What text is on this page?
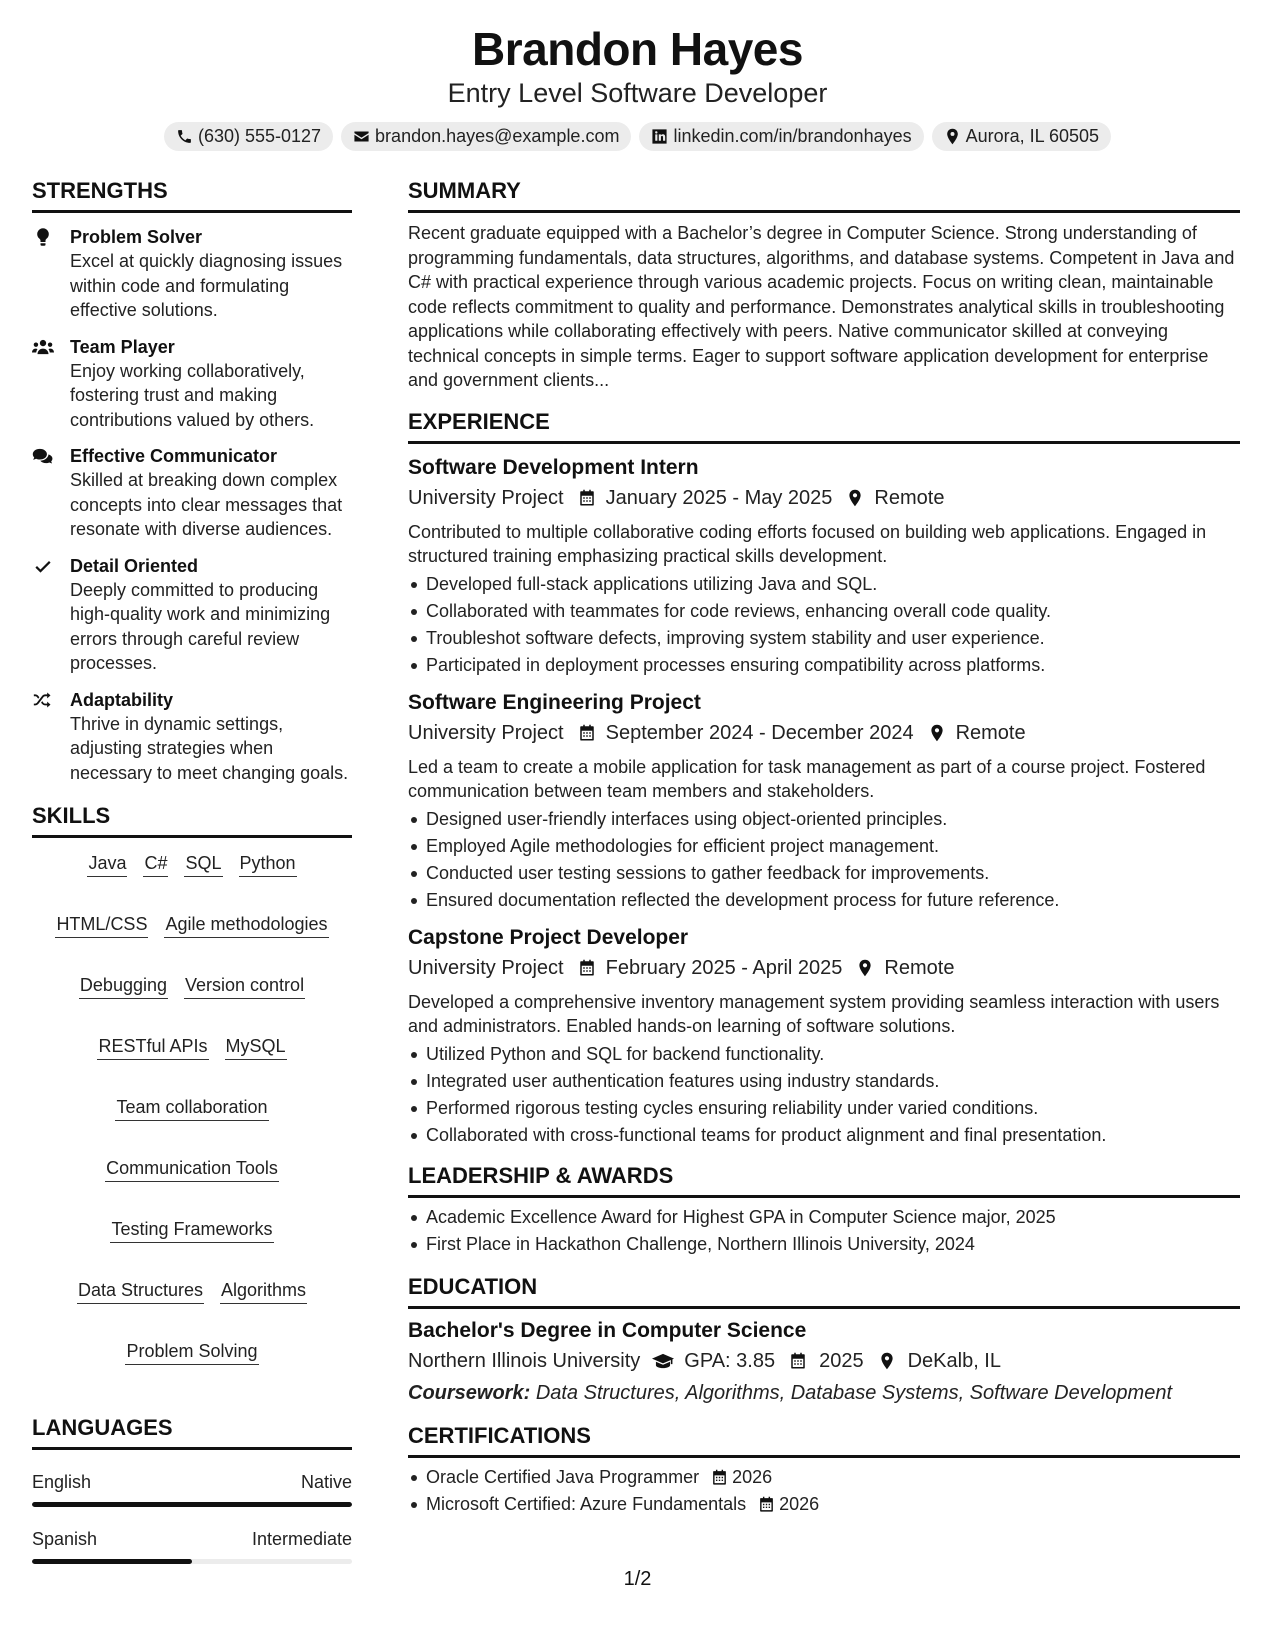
Brandon Hayes
Entry Level Software Developer
(630) 555-0127	brandon.hayes@example.com	linkedin.com/in/brandonhayes	Aurora, IL 60505
STRENGTHS
Problem Solver
Excel at quickly diagnosing issues within code and formulating effective solutions.
Team Player
Enjoy working collaboratively, fostering trust and making contributions valued by others.
Effective Communicator
Skilled at breaking down complex concepts into clear messages that resonate with diverse audiences.
Detail Oriented
Deeply committed to producing high-quality work and minimizing errors through careful review processes.
Adaptability
Thrive in dynamic settings, adjusting strategies when necessary to meet changing goals.
SKILLS
Java C# SQL Python
HTML/CSS Agile methodologies
Debugging Version control
RESTful APIs MySQL
Team collaboration
Communication Tools
Testing Frameworks
Data Structures Algorithms
Problem Solving
LANGUAGES
English	Native
Spanish	Intermediate
SUMMARY
Recent graduate equipped with a Bachelor’s degree in Computer Science. Strong understanding of programming fundamentals, data structures, algorithms, and database systems. Competent in Java and C# with practical experience through various academic projects. Focus on writing clean, maintainable code reflects commitment to quality and performance. Demonstrates analytical skills in troubleshooting applications while collaborating effectively with peers. Native communicator skilled at conveying technical concepts in simple terms. Eager to support software application development for enterprise and government clients...
EXPERIENCE
Software Development Intern
University Project January 2025 - May 2025 Remote
Contributed to multiple collaborative coding efforts focused on building web applications. Engaged in structured training emphasizing practical skills development.
Developed full-stack applications utilizing Java and SQL.
Collaborated with teammates for code reviews, enhancing overall code quality.
Troubleshot software defects, improving system stability and user experience.
Participated in deployment processes ensuring compatibility across platforms.
Software Engineering Project
University Project September 2024 - December 2024 Remote
Led a team to create a mobile application for task management as part of a course project. Fostered communication between team members and stakeholders.
Designed user-friendly interfaces using object-oriented principles.
Employed Agile methodologies for efficient project management.
Conducted user testing sessions to gather feedback for improvements.
Ensured documentation reflected the development process for future reference.
Capstone Project Developer
University Project February 2025 - April 2025 Remote
Developed a comprehensive inventory management system providing seamless interaction with users and administrators. Enabled hands-on learning of software solutions.
Utilized Python and SQL for backend functionality.
Integrated user authentication features using industry standards.
Performed rigorous testing cycles ensuring reliability under varied conditions.
Collaborated with cross-functional teams for product alignment and final presentation.
LEADERSHIP & AWARDS
Academic Excellence Award for Highest GPA in Computer Science major, 2025
First Place in Hackathon Challenge, Northern Illinois University, 2024
EDUCATION
Bachelor's Degree in Computer Science
Northern Illinois University GPA: 3.85 2025 DeKalb, IL
Coursework: Data Structures, Algorithms, Database Systems, Software Development
CERTIFICATIONS
Oracle Certified Java Programmer 2026
Microsoft Certified: Azure Fundamentals 2026
1/2
